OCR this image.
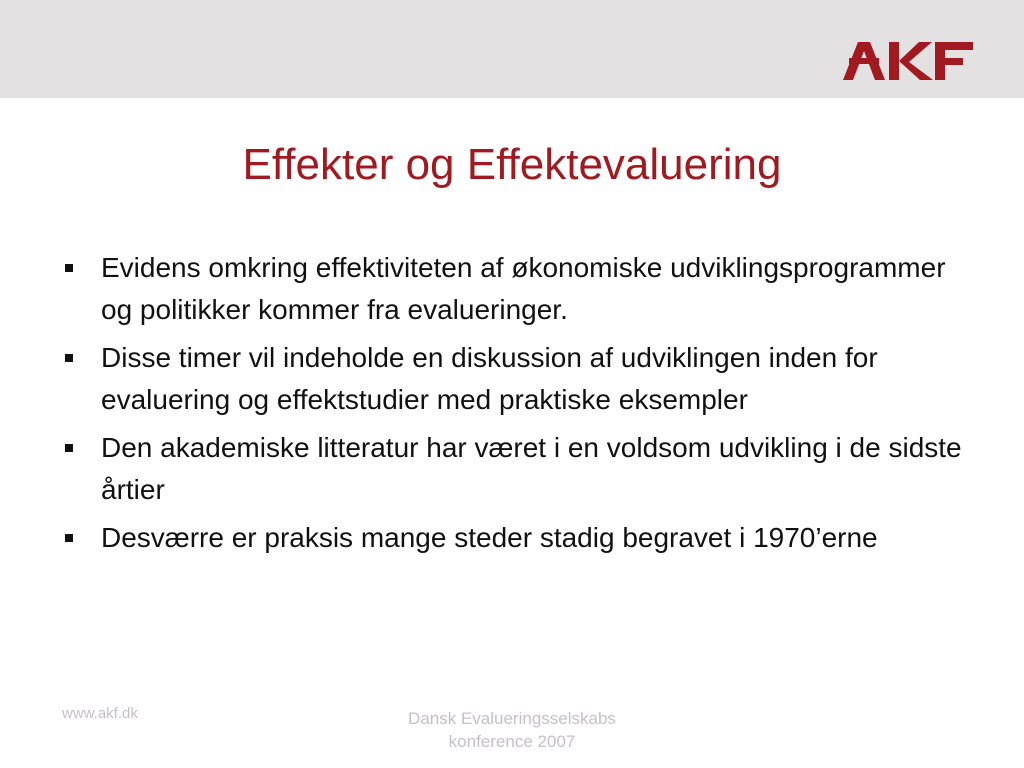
Effekter og Effektevaluering
Evidens omkring effektiviteten af økonomiske udviklingsprogrammer og politikker kommer fra evalueringer.
Disse timer vil indeholde en diskussion af udviklingen inden for evaluering og effektstudier med praktiske eksempler
Den akademiske litteratur har været i en voldsom udvikling i de sidste årtier
Desværre er praksis mange steder stadig begravet i 1970’erne
www.akf.dk	Dansk Evalueringsselskabs
konference 2007
